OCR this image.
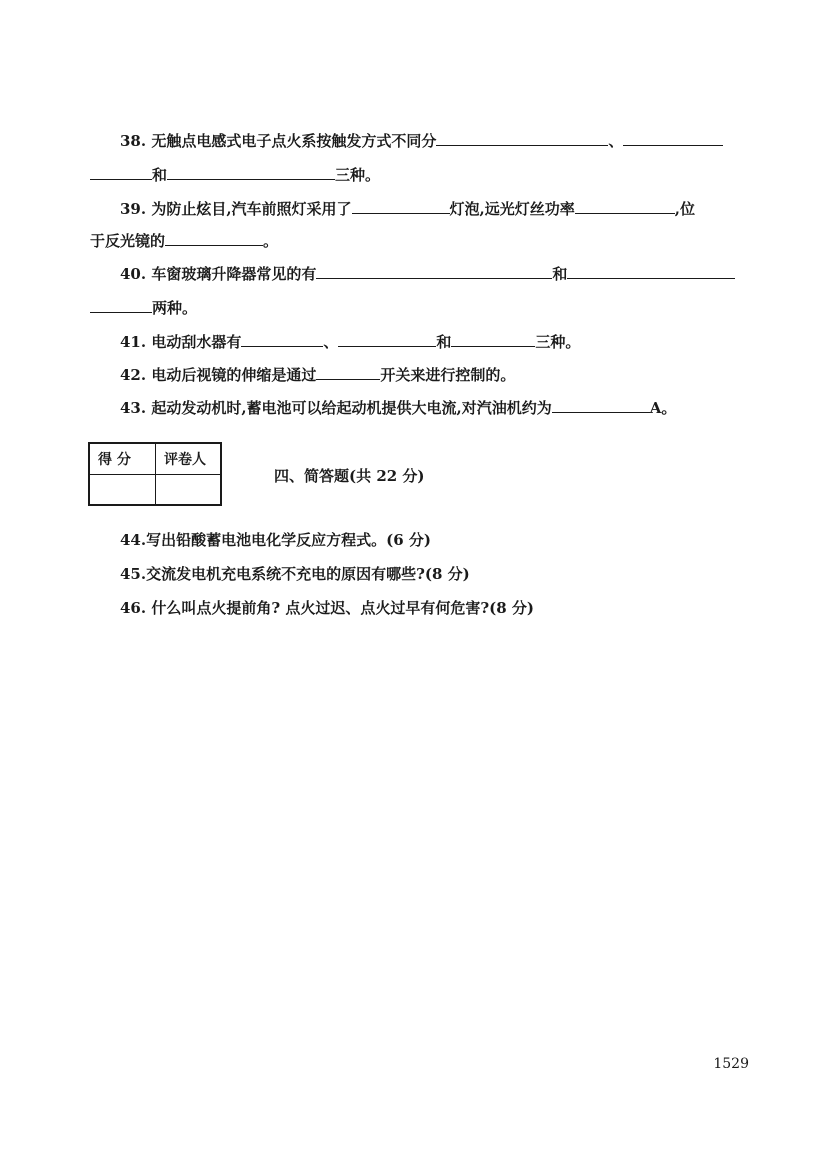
38. 无触点电感式电子点火系按触发方式不同分	、
和	三种。
39. 为防止炫目,汽车前照灯采用了	灯泡,远光灯丝功率	,位
于反光镜的	。
40. 车窗玻璃升降器常见的有	和
两种。
41. 电动刮水器有	、	和	三种。
42. 电动后视镜的伸缩是通过	开关来进行控制的。
43. 起动发动机时,蓄电池可以给起动机提供大电流,对汽油机约为	A。
得 分 评卷人
四、简答题(共 22 分)
44.写出铅酸蓄电池电化学反应方程式。(6 分)
45.交流发电机充电系统不充电的原因有哪些?(8 分)
46. 什么叫点火提前角? 点火过迟、点火过早有何危害?(8 分)
1529
